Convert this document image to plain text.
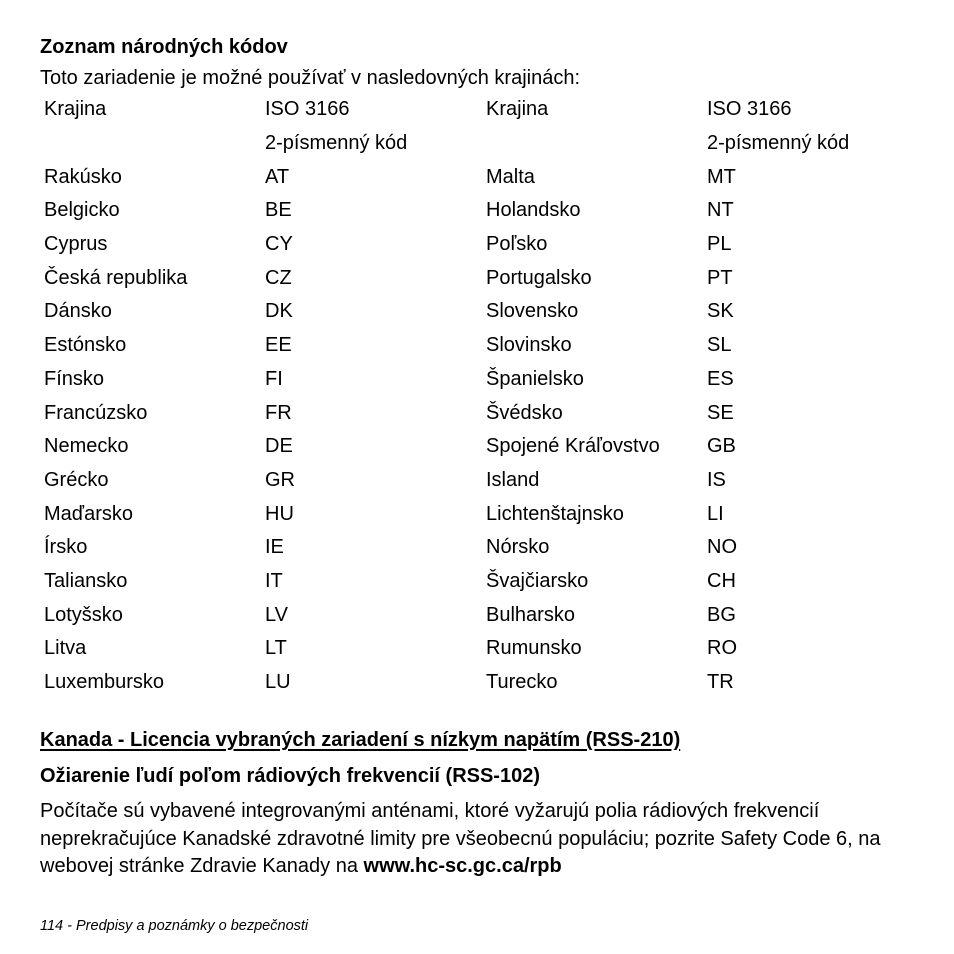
Zoznam národných kódov
Toto zariadenie je možné používať v nasledovných krajinách:
Krajina	ISO 3166	Krajina	ISO 3166
	2-písmenný kód		2-písmenný kód
Rakúsko	AT	Malta	MT
Belgicko	BE	Holandsko	NT
Cyprus	CY	Poľsko	PL
Česká republika	CZ	Portugalsko	PT
Dánsko	DK	Slovensko	SK
Estónsko	EE	Slovinsko	SL
Fínsko	FI	Španielsko	ES
Francúzsko	FR	Švédsko	SE
Nemecko	DE	Spojené Kráľovstvo	GB
Grécko	GR	Island	IS
Maďarsko	HU	Lichtenštajnsko	LI
Írsko	IE	Nórsko	NO
Taliansko	IT	Švajčiarsko	CH
Lotyšsko	LV	Bulharsko	BG
Litva	LT	Rumunsko	RO
Luxembursko	LU	Turecko	TR
Kanada - Licencia vybraných zariadení s nízkym napätím (RSS-210)
Ožiarenie ľudí poľom rádiových frekvencií (RSS-102)
Počítače sú vybavené integrovanými anténami, ktoré vyžarujú polia rádiových frekvencií neprekračujúce Kanadské zdravotné limity pre všeobecnú populáciu; pozrite Safety Code 6, na webovej stránke Zdravie Kanady na www.hc-sc.gc.ca/rpb
114 - Predpisy a poznámky o bezpečnosti
